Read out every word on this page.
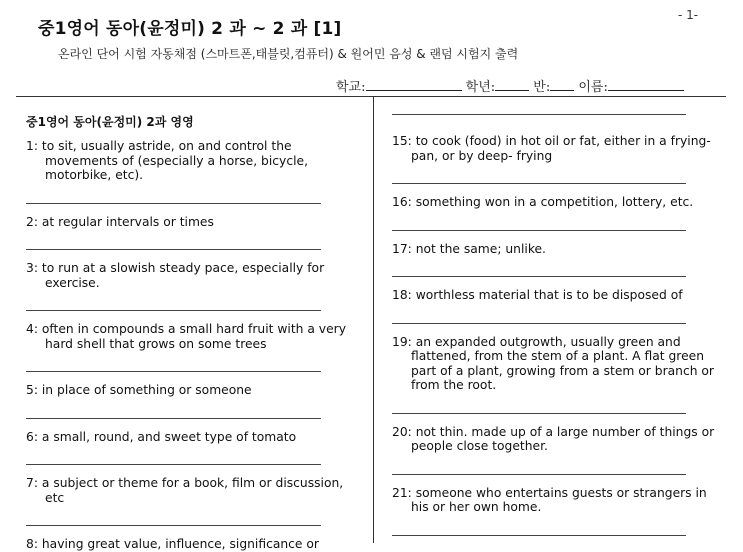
- 1-
중1영어 동아(윤정미) 2 과 ~ 2 과 [1]
온라인 단어 시험 자동채점 (스마트폰,태블릿,컴퓨터) & 원어민 음성 & 랜덤 시험지 출력
학교:	학년:	반: 이름:
중1영어 동아(윤정미) 2과 영영
1: to sit, usually astride, on and control the movements of (especially a horse, bicycle, motorbike, etc).
2: at regular intervals or times
3: to run at a slowish steady pace, especially for exercise.
4: often in compounds a small hard fruit with a very hard shell that grows on some trees
5: in place of something or someone
6: a small, round, and sweet type of tomato
7: a subject or theme for a book, film or discussion, etc
8: having great value, influence, significance or
15: to cook (food) in hot oil or fat, either in a frying- pan, or by deep- frying
16: something won in a competition, lottery, etc.
17: not the same; unlike.
18: worthless material that is to be disposed of
19: an expanded outgrowth, usually green and flattened, from the stem of a plant. A flat green part of a plant, growing from a stem or branch or from the root.
20: not thin. made up of a large number of things or people close together.
21: someone who entertains guests or strangers in his or her own home.
